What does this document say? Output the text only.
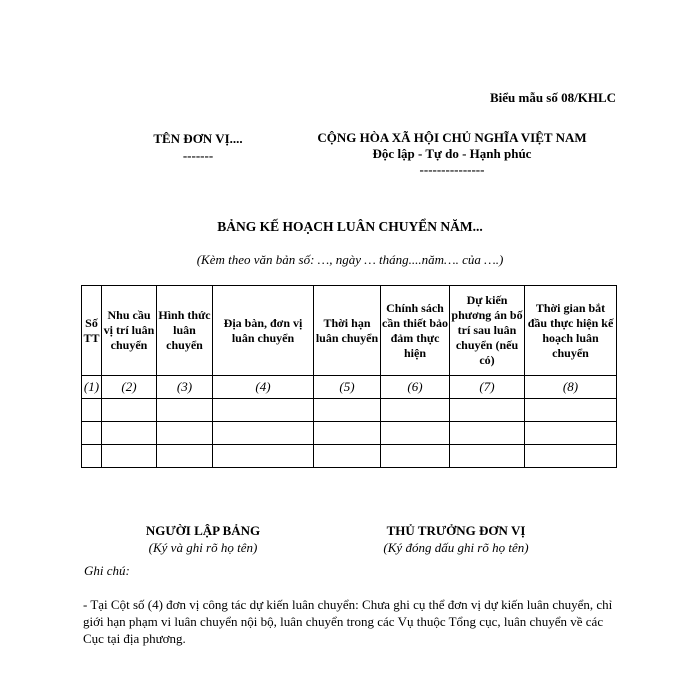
Biểu mẫu số 08/KHLC
TÊN ĐƠN VỊ....
-------
CỘNG HÒA XÃ HỘI CHỦ NGHĨA VIỆT NAM
Độc lập - Tự do - Hạnh phúc
---------------
BẢNG KẾ HOẠCH LUÂN CHUYỂN NĂM...
(Kèm theo văn bản số: …, ngày … tháng....năm…. của ….)
Số TT	Nhu cầu vị trí luân chuyển	Hình thức luân chuyển	Địa bàn, đơn vị luân chuyển	Thời hạn luân chuyển	Chính sách cần thiết bảo đảm thực hiện	Dự kiến phương án bố trí sau luân chuyển (nếu có)	Thời gian bắt đầu thực hiện kế hoạch luân chuyển
(1)	(2)	(3)	(4)	(5)	(6)	(7)	(8)

NGƯỜI LẬP BẢNG
(Ký và ghi rõ họ tên)
THỦ TRƯỞNG ĐƠN VỊ
(Ký đóng dấu ghi rõ họ tên)
Ghi chú:
- Tại Cột số (4) đơn vị công tác dự kiến luân chuyển: Chưa ghi cụ thể đơn vị dự kiến luân chuyển, chỉ giới hạn phạm vi luân chuyển nội bộ, luân chuyển trong các Vụ thuộc Tổng cục, luân chuyển về các Cục tại địa phương.
